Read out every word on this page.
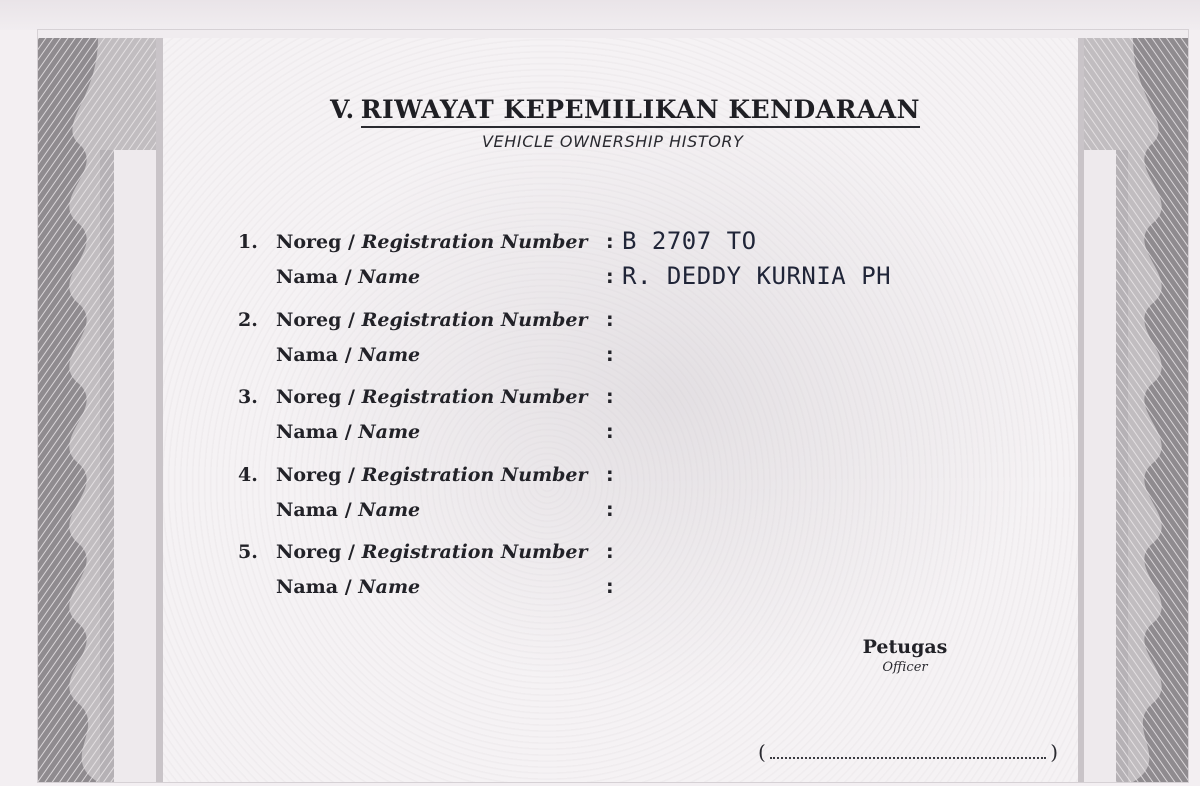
V. RIWAYAT KEPEMILIKAN KENDARAAN

VEHICLE OWNERSHIP HISTORY

1. Noreg / Registration Number : B 2707 TO
Nama / Name	: R. DEDDY KURNIA PH
2. Noreg / Registration Number :
Nama / Name	:
3. Noreg / Registration Number :
Nama / Name	:
4. Noreg / Registration Number :
Nama / Name	:
5. Noreg / Registration Number :
Nama / Name	:
Petugas
Officer
(	)
